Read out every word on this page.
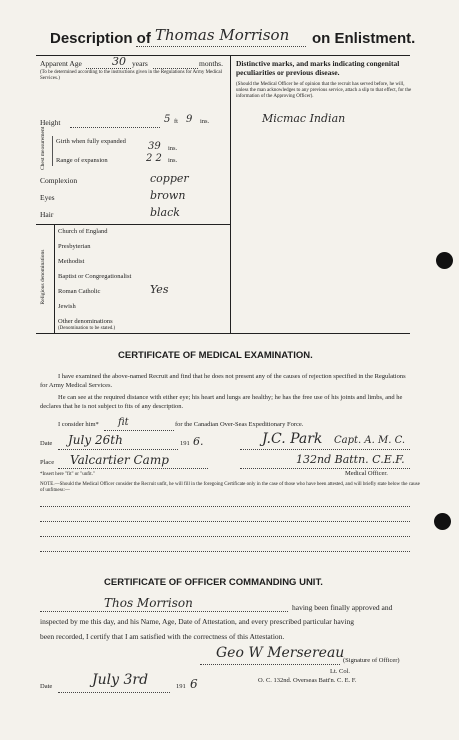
Description of Thomas Morrison on Enlistment.
Apparent Age	30 years	months.
(To be determined according to the instructions given in the Regulations for Army Medical Services.)
Height	5 ft 9 ins.
Chest measurement Girth when fully expanded	39 ins.
Range of expansion	2 2 ins.
Complexion	copper
Eyes	brown
Hair	black
Religious denominations
Church of England
Presbyterian
Methodist
Baptist or Congregationalist
Roman Catholic	Yes
Jewish
Other denominations
(Denomination to be stated.)
Distinctive marks, and marks indicating congenital peculiarities or previous disease.
(Should the Medical Officer be of opinion that the recruit has served before, he will, unless the man acknowledges to any previous service, attach a slip to that effect, for the information of the Approving Officer).
Micmac Indian
CERTIFICATE OF MEDICAL EXAMINATION.
I have examined the above-named Recruit and find that he does not present any of the causes of rejection specified in the Regulations for Army Medical Services.
He can see at the required distance with either eye; his heart and lungs are healthy; he has the free use of his joints and limbs, and he declares that he is not subject to fits of any description.
I consider him* fit	for the Canadian Over-Seas Expeditionary Force.
Date July 26th	191 6.	J.C. Park Capt. A. M. C.
Place Valcartier Camp	132nd Battn. C.E.F.
Medical Officer.
*Insert here "fit" or "unfit."
NOTE.—Should the Medical Officer consider the Recruit unfit, he will fill in the foregoing Certificate only in the case of those who have been attested, and will briefly state below the cause of unfitness:—
CERTIFICATE OF OFFICER COMMANDING UNIT.
Thos Morrison	having been finally approved and
inspected by me this day, and his Name, Age, Date of Attestation, and every prescribed particular having
been recorded, I certify that I am satisfied with the correctness of this Attestation.
Geo W Mersereau
(Signature of Officer)
Lt. Col.
O. C. 132nd. Overseas Batt'n. C. E. F.
Date	July 3rd	191 6
